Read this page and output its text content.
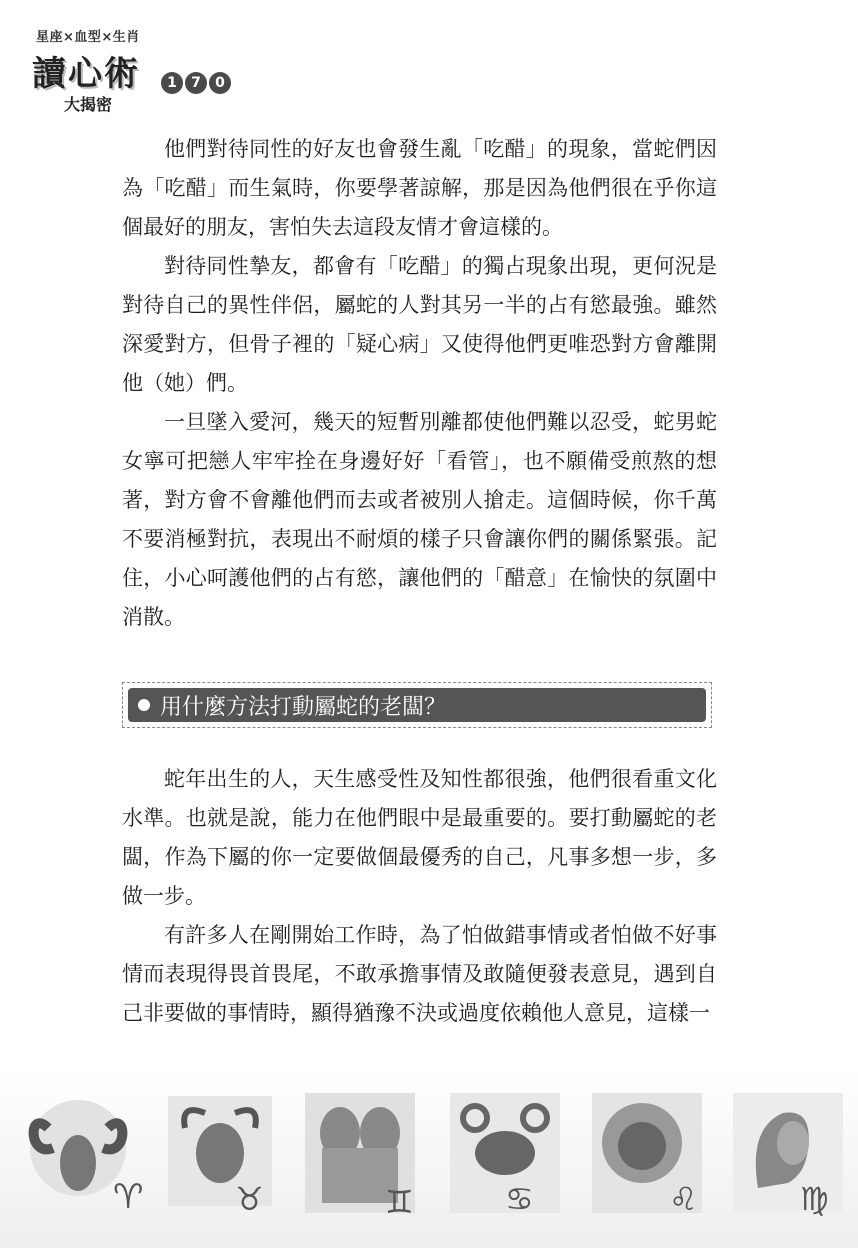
星座×血型×生肖
讀心術
大揭密
1	7	0

他們對待同性的好友也會發生亂「吃醋」的現象，當蛇們因為「吃醋」而生氣時，你要學著諒解，那是因為他們很在乎你這個最好的朋友，害怕失去這段友情才會這樣的。

對待同性摯友，都會有「吃醋」的獨占現象出現，更何況是對待自己的異性伴侶，屬蛇的人對其另一半的占有慾最強。雖然深愛對方，但骨子裡的「疑心病」又使得他們更唯恐對方會離開他（她）們。

一旦墜入愛河，幾天的短暫別離都使他們難以忍受，蛇男蛇女寧可把戀人牢牢拴在身邊好好「看管」，也不願備受煎熬的想著，對方會不會離他們而去或者被別人搶走。這個時候，你千萬不要消極對抗，表現出不耐煩的樣子只會讓你們的關係緊張。記住，小心呵護他們的占有慾，讓他們的「醋意」在愉快的氛圍中消散。

用什麼方法打動屬蛇的老闆？

蛇年出生的人，天生感受性及知性都很強，他們很看重文化水準。也就是說，能力在他們眼中是最重要的。要打動屬蛇的老闆，作為下屬的你一定要做個最優秀的自己，凡事多想一步，多做一步。

有許多人在剛開始工作時，為了怕做錯事情或者怕做不好事情而表現得畏首畏尾，不敢承擔事情及敢隨便發表意見，遇到自己非要做的事情時，顯得猶豫不決或過度依賴他人意見，這樣一

♈	♉	♊	♋	♌	♍
